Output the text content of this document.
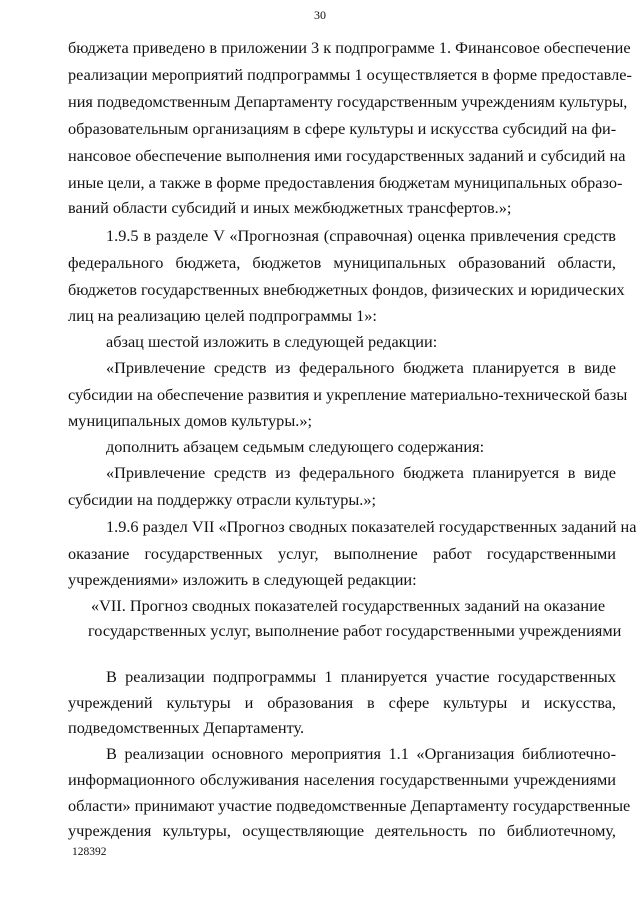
30
бюджета приведено в приложении 3 к подпрограмме 1. Финансовое обеспечение
реализации мероприятий подпрограммы 1 осуществляется в форме предоставле-
ния подведомственным Департаменту государственным учреждениям культуры,
образовательным организациям в сфере культуры и искусства субсидий на фи-
нансовое обеспечение выполнения ими государственных заданий и субсидий на
иные цели, а также в форме предоставления бюджетам муниципальных образо-
ваний области субсидий и иных межбюджетных трансфертов.»;
1.9.5 в разделе V «Прогнозная (справочная) оценка привлечения средств
федерального бюджета, бюджетов муниципальных образований области,
бюджетов государственных внебюджетных фондов, физических и юридических
лиц на реализацию целей подпрограммы 1»:
абзац шестой изложить в следующей редакции:
«Привлечение средств из федерального бюджета планируется в виде
субсидии на обеспечение развития и укрепление материально-технической базы
муниципальных домов культуры.»;
дополнить абзацем седьмым следующего содержания:
«Привлечение средств из федерального бюджета планируется в виде
субсидии на поддержку отрасли культуры.»;
1.9.6 раздел VII «Прогноз сводных показателей государственных заданий на
оказание государственных услуг, выполнение работ государственными
учреждениями» изложить в следующей редакции:
«VII. Прогноз сводных показателей государственных заданий на оказание
государственных услуг, выполнение работ государственными учреждениями
В реализации подпрограммы 1 планируется участие государственных
учреждений культуры и образования в сфере культуры и искусства,
подведомственных Департаменту.
В реализации основного мероприятия 1.1 «Организация библиотечно-
информационного обслуживания населения государственными учреждениями
области» принимают участие подведомственные Департаменту государственные
учреждения культуры, осуществляющие деятельность по библиотечному,
128392
